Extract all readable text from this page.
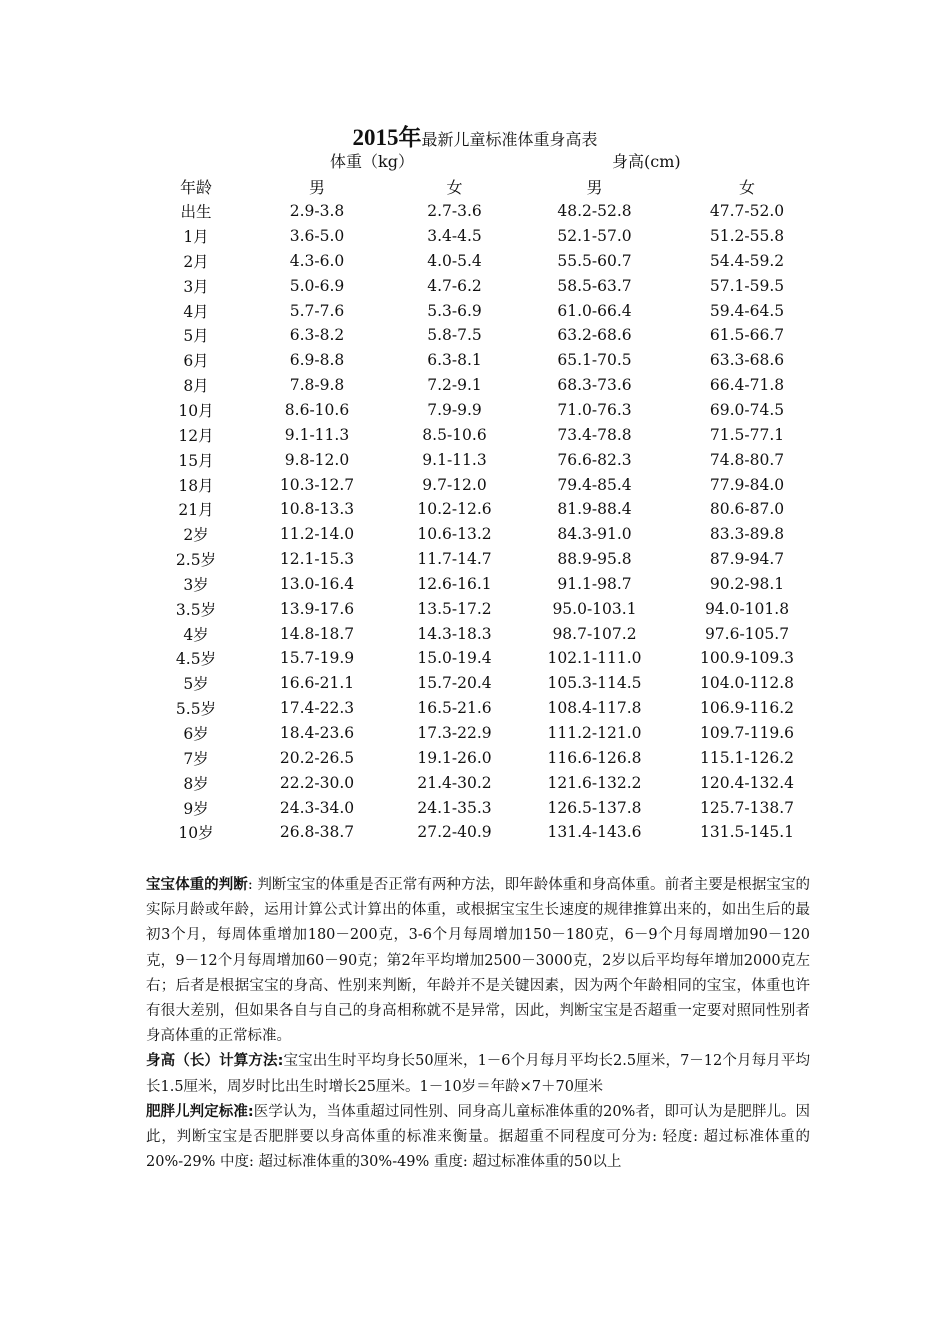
2015年最新儿童标准体重身高表
体重（kg）	身高(cm)
年龄	男	女	男	女
出生	2.9-3.8	2.7-3.6	48.2-52.8	47.7-52.0
1月	3.6-5.0	3.4-4.5	52.1-57.0	51.2-55.8
2月	4.3-6.0	4.0-5.4	55.5-60.7	54.4-59.2
3月	5.0-6.9	4.7-6.2	58.5-63.7	57.1-59.5
4月	5.7-7.6	5.3-6.9	61.0-66.4	59.4-64.5
5月	6.3-8.2	5.8-7.5	63.2-68.6	61.5-66.7
6月	6.9-8.8	6.3-8.1	65.1-70.5	63.3-68.6
8月	7.8-9.8	7.2-9.1	68.3-73.6	66.4-71.8
10月	8.6-10.6	7.9-9.9	71.0-76.3	69.0-74.5
12月	9.1-11.3	8.5-10.6	73.4-78.8	71.5-77.1
15月	9.8-12.0	9.1-11.3	76.6-82.3	74.8-80.7
18月	10.3-12.7	9.7-12.0	79.4-85.4	77.9-84.0
21月	10.8-13.3	10.2-12.6	81.9-88.4	80.6-87.0
2岁	11.2-14.0	10.6-13.2	84.3-91.0	83.3-89.8
2.5岁	12.1-15.3	11.7-14.7	88.9-95.8	87.9-94.7
3岁	13.0-16.4	12.6-16.1	91.1-98.7	90.2-98.1
3.5岁	13.9-17.6	13.5-17.2	95.0-103.1	94.0-101.8
4岁	14.8-18.7	14.3-18.3	98.7-107.2	97.6-105.7
4.5岁	15.7-19.9	15.0-19.4	102.1-111.0	100.9-109.3
5岁	16.6-21.1	15.7-20.4	105.3-114.5	104.0-112.8
5.5岁	17.4-22.3	16.5-21.6	108.4-117.8	106.9-116.2
6岁	18.4-23.6	17.3-22.9	111.2-121.0	109.7-119.6
7岁	20.2-26.5	19.1-26.0	116.6-126.8	115.1-126.2
8岁	22.2-30.0	21.4-30.2	121.6-132.2	120.4-132.4
9岁	24.3-34.0	24.1-35.3	126.5-137.8	125.7-138.7
10岁	26.8-38.7	27.2-40.9	131.4-143.6	131.5-145.1

宝宝体重的判断: 判断宝宝的体重是否正常有两种方法，即年龄体重和身高体重。前者主要是根据宝宝的实际月龄或年龄，运用计算公式计算出的体重，或根据宝宝生长速度的规律推算出来的，如出生后的最初3个月，每周体重增加180－200克，3-6个月每周增加150－180克，6－9个月每周增加90－120克，9－12个月每周增加60－90克；第2年平均增加2500－3000克，2岁以后平均每年增加2000克左右；后者是根据宝宝的身高、性别来判断，年龄并不是关键因素，因为两个年龄相同的宝宝，体重也许有很大差别，但如果各自与自己的身高相称就不是异常，因此，判断宝宝是否超重一定要对照同性别者身高体重的正常标准。

身高（长）计算方法:宝宝出生时平均身长50厘米，1－6个月每月平均长2.5厘米，7－12个月每月平均长1.5厘米，周岁时比出生时增长25厘米。1－10岁＝年龄×7＋70厘米

肥胖儿判定标准:医学认为，当体重超过同性别、同身高儿童标准体重的20%者，即可认为是肥胖儿。因此，判断宝宝是否肥胖要以身高体重的标准来衡量。据超重不同程度可分为: 轻度: 超过标准体重的20%-29% 中度: 超过标准体重的30%-49% 重度: 超过标准体重的50以上
